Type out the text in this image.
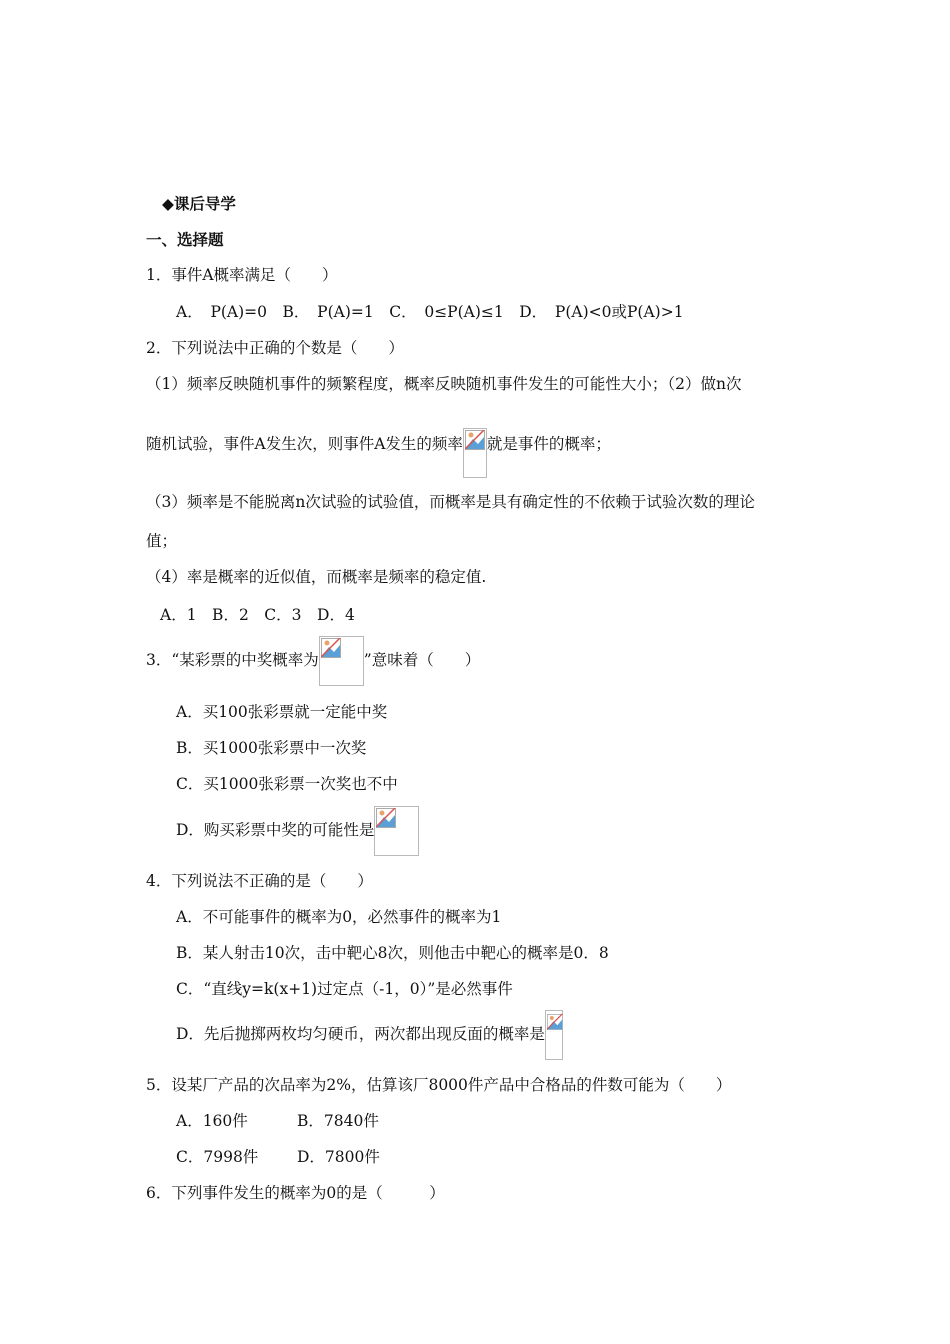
◆课后导学
一、选择题
1．事件A概率满足（　　）
A．　P(A)=0　B．　P(A)=1　C．　0≤P(A)≤1　D．　P(A)<0或P(A)>1
2．下列说法中正确的个数是（　　）
（1）频率反映随机事件的频繁程度，概率反映随机事件发生的可能性大小；（2）做n次
随机试验，事件A发生次，则事件A发生的频率 就是事件的概率；
（3）频率是不能脱离n次试验的试验值，而概率是具有确定性的不依赖于试验次数的理论
值；
（4）率是概率的近似值，而概率是频率的稳定值.
A．1　B．2　C．3　D．4
3．“某彩票的中奖概率为	”意味着（　　）
A．买100张彩票就一定能中奖
B．买1000张彩票中一次奖
C．买1000张彩票一次奖也不中
D．购买彩票中奖的可能性是
4．下列说法不正确的是（　　）
A．不可能事件的概率为0，必然事件的概率为1
B．某人射击10次，击中靶心8次，则他击中靶心的概率是0．8
C．“直线y=k(x+1)过定点（-1，0）”是必然事件
D．先后抛掷两枚均匀硬币，两次都出现反面的概率是
5．设某厂产品的次品率为2%，估算该厂8000件产品中合格品的件数可能为（　　）
A．160件	B．7840件
C．7998件 D．7800件
6．下列事件发生的概率为0的是（　　　）
